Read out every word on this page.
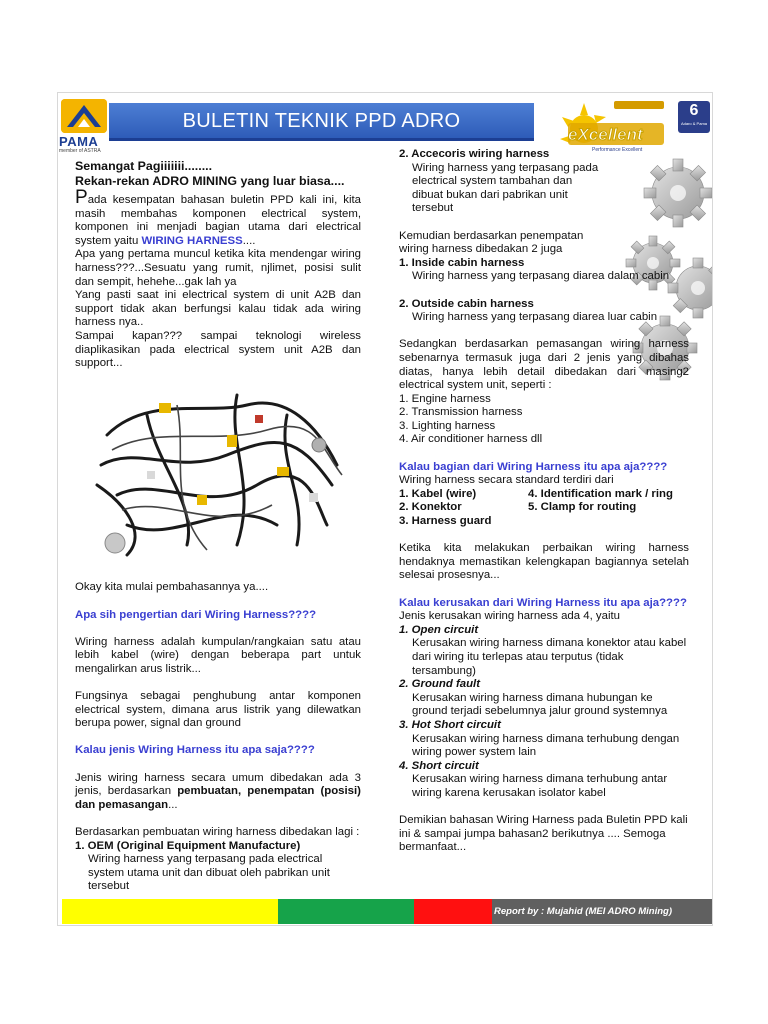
PAMA
member of ASTRA
BULETIN TEKNIK PPD ADRO
eXcellent
Performance Excellent
6
Adaro & Pama
Semangat Pagiiiiiii........
Rekan-rekan ADRO MINING yang luar biasa....
Pada kesempatan bahasan buletin PPD kali ini, kita masih membahas komponen electrical system, komponen ini menjadi bagian utama dari electrical system yaitu WIRING HARNESS....
Apa yang pertama muncul ketika kita mendengar wiring harness???...Sesuatu yang rumit, njlimet, posisi sulit dan sempit, hehehe...gak lah ya
Yang pasti saat ini electrical system di unit A2B dan support tidak akan berfungsi kalau tidak ada wiring harness nya..
Sampai kapan??? sampai teknologi wireless diaplikasikan pada electrical system unit A2B dan support...
Okay kita mulai pembahasannya ya....
Apa sih pengertian dari Wiring Harness????
Wiring harness adalah kumpulan/rangkaian satu atau lebih kabel (wire) dengan beberapa part untuk mengalirkan arus listrik...
Fungsinya sebagai penghubung antar komponen electrical system, dimana arus listrik yang dilewatkan berupa power, signal dan ground
Kalau jenis Wiring Harness itu apa saja????
Jenis wiring harness secara umum dibedakan ada 3 jenis, berdasarkan pembuatan, penempatan (posisi) dan pemasangan...
Berdasarkan pembuatan wiring harness dibedakan lagi :
1. OEM (Original Equipment Manufacture)
Wiring harness yang terpasang pada electrical system utama unit dan dibuat oleh pabrikan unit tersebut
2. Accecoris wiring harness
Wiring harness yang terpasang pada electrical system tambahan dan dibuat bukan dari pabrikan unit tersebut
Kemudian berdasarkan penempatan wiring harness dibedakan 2 juga
1. Inside cabin harness
Wiring harness yang terpasang diarea dalam cabin
2. Outside cabin harness
Wiring harness yang terpasang diarea luar cabin
Sedangkan berdasarkan pemasangan wiring harness sebenarnya termasuk juga dari 2 jenis yang dibahas diatas, hanya lebih detail dibedakan dari masing2 electrical system unit, seperti :
1. Engine harness
2. Transmission harness
3. Lighting harness
4. Air conditioner harness dll
Kalau bagian dari Wiring Harness itu apa aja????
Wiring harness secara standard terdiri dari
1. Kabel (wire)
2. Konektor
3. Harness guard
4. Identification mark / ring
5. Clamp for routing
Ketika kita melakukan perbaikan wiring harness hendaknya memastikan kelengkapan bagiannya setelah selesai prosesnya...
Kalau kerusakan dari Wiring Harness itu apa aja????
Jenis kerusakan wiring harness ada 4, yaitu
1. Open circuit
Kerusakan wiring harness dimana konektor atau kabel dari wiring itu terlepas atau terputus (tidak tersambung)
2. Ground fault
Kerusakan wiring harness dimana hubungan ke ground terjadi sebelumnya jalur ground systemnya
3. Hot Short circuit
Kerusakan wiring harness dimana terhubung dengan wiring power system lain
4. Short circuit
Kerusakan wiring harness dimana terhubung antar wiring karena kerusakan isolator kabel
Demikian bahasan Wiring Harness pada Buletin PPD kali ini & sampai jumpa bahasan2 berikutnya .... Semoga bermanfaat...
Report by : Mujahid (MEI ADRO Mining)
